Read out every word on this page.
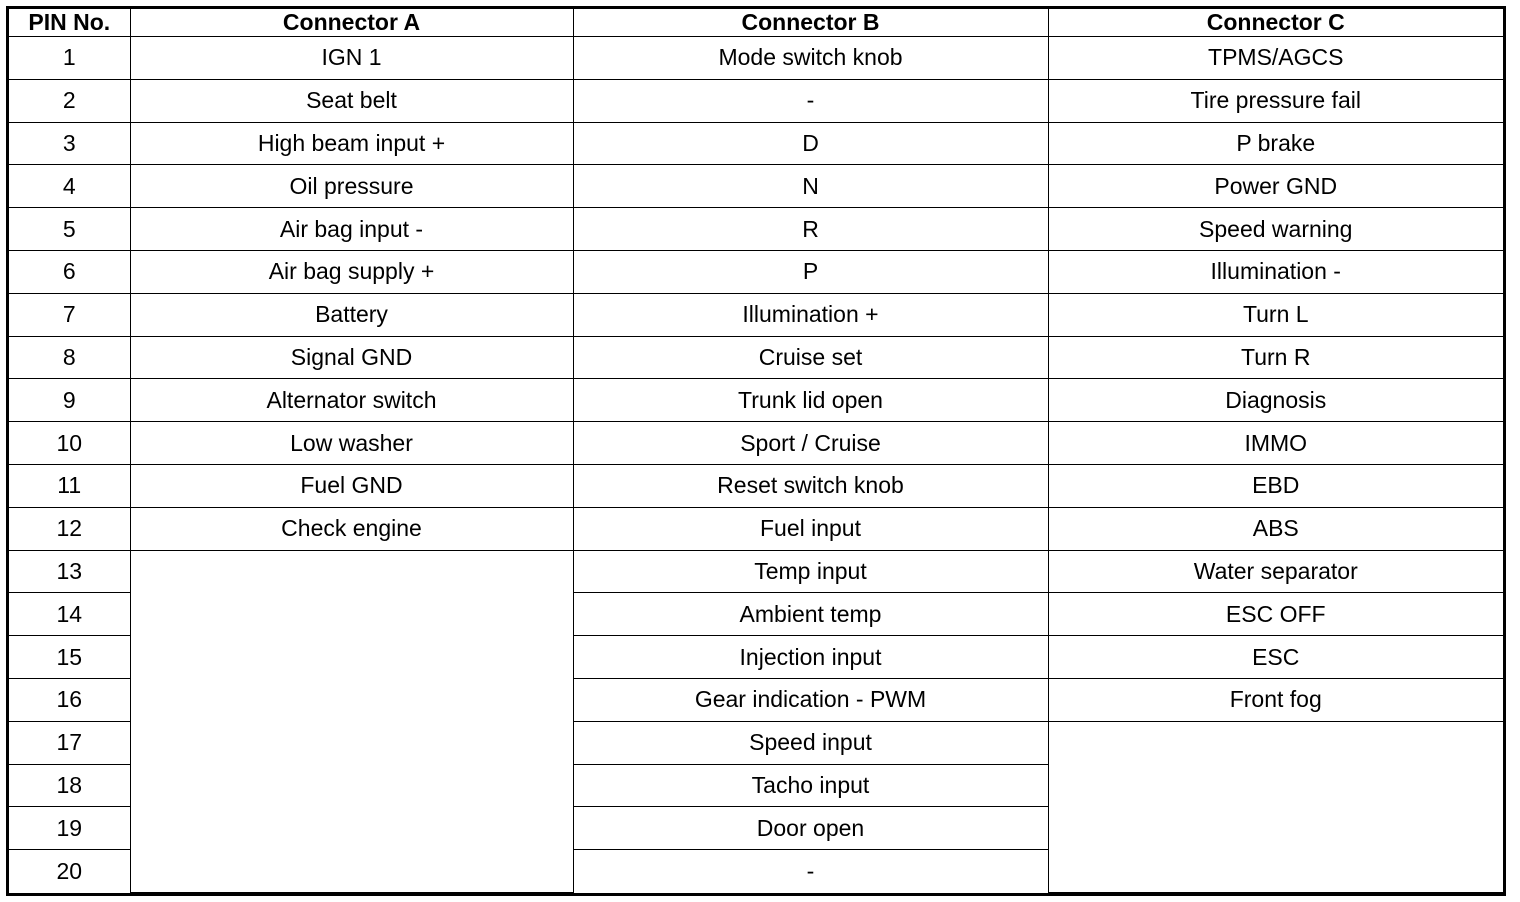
PIN No.	Connector A	Connector B	Connector C
1	IGN 1	Mode switch knob	TPMS/AGCS
2	Seat belt	-	Tire pressure fail
3	High beam input +	D	P brake
4	Oil pressure	N	Power GND
5	Air bag input -	R	Speed warning
6	Air bag supply +	P	Illumination -
7	Battery	Illumination +	Turn L
8	Signal GND	Cruise set	Turn R
9	Alternator switch	Trunk lid open	Diagnosis
10	Low washer	Sport / Cruise	IMMO
11	Fuel GND	Reset switch knob	EBD
12	Check engine	Fuel input	ABS
13		Temp input	Water separator
14		Ambient temp	ESC OFF
15		Injection input	ESC
16		Gear indication - PWM	Front fog
17		Speed input	
18		Tacho input	
19		Door open	
20		-	
